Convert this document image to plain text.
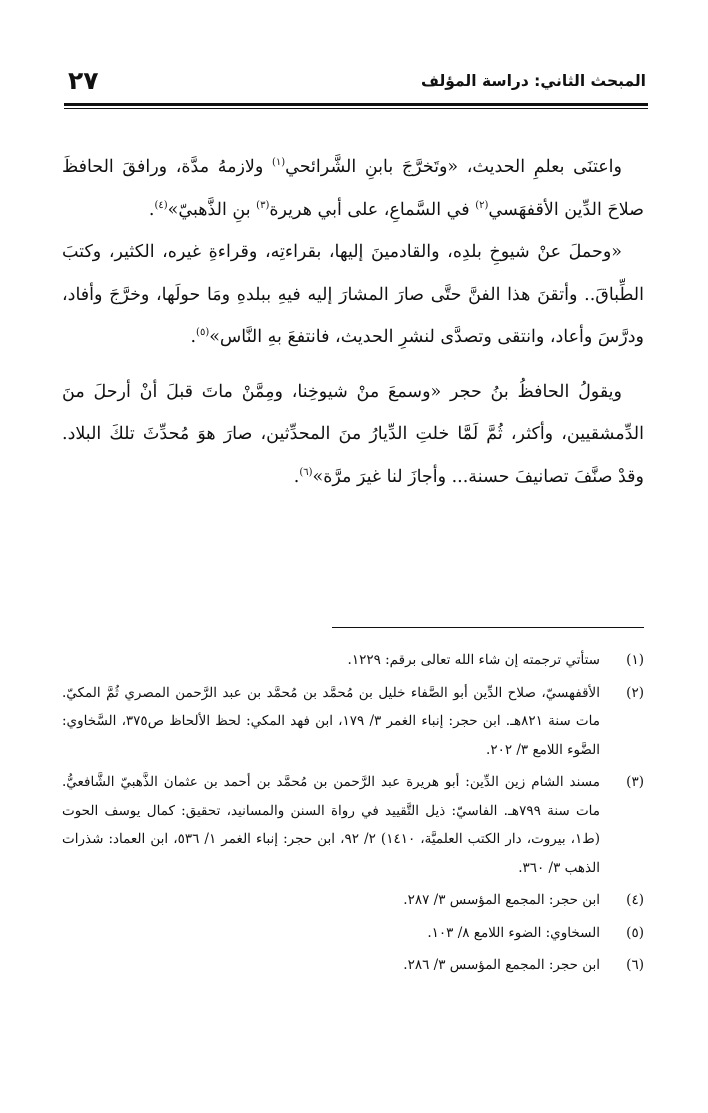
المبحث الثاني: دراسة المؤلف
٢٧

واعتنَى بعلمِ الحديث، «وتَخرَّجَ بابنِ الشَّرائحي$^{(١)}$ ولازمهُ مدَّة، ورافقَ الحافظَ صلاحَ الدِّين الأقفهَسي$^{(٢)}$ في السَّماعِ، على أبي هريرة$^{(٣)}$ بنِ الذَّهبيّ»$^{(٤)}$.

«وحملَ عنْ شيوخِ بلدِه، والقادمينَ إليها، بقراءتِه، وقراءةِ غيره، الكثير، وكتبَ الطِّباقَ.. وأتقنَ هذا الفنَّ حتَّى صارَ المشارَ إليه فيهِ ببلدهِ ومَا حولَها، وخرَّجَ وأفاد، ودرَّسَ وأعاد، وانتقى وتصدَّى لنشرِ الحديث، فانتفعَ بهِ النَّاس»$^{(٥)}$.

ويقولُ الحافظُ بنُ حجر «وسمعَ منْ شيوخِنا، ومِمَّنْ ماتَ قبلَ أنْ أرحلَ منَ الدِّمشقيين، وأكثر، ثُمَّ لَمَّا خلتِ الدِّيارُ منَ المحدِّثين، صارَ هوَ مُحدِّثَ تلكَ البلاد. وقدْ صنَّفَ تصانيفَ حسنة... وأجازَ لنا غيرَ مرَّة»$^{(٦)}$.

(١)
ستأتي ترجمته إن شاء الله تعالى برقم: ١٢٢٩.
(٢)
الأقفهسيّ، صلاح الدِّين أبو الصَّفاء خليل بن مُحمَّد بن مُحمَّد بن عبد الرَّحمن المصري ثُمَّ المكيّ. مات سنة ٨٢١هـ. ابن حجر: إنباء الغمر ٣/ ١٧٩، ابن فهد المكي: لحظ الألحاظ ص٣٧٥، السَّخاوي: الضَّوء اللامع ٣/ ٢٠٢.
(٣)
مسند الشام زين الدِّين: أبو هريرة عبد الرَّحمن بن مُحمَّد بن أحمد بن عثمان الذَّهبيّ الشَّافعيُّ. مات سنة ٧٩٩هـ. الفاسيّ: ذيل التَّقييد في رواة السنن والمسانيد، تحقيق: كمال يوسف الحوت (ط١، بيروت، دار الكتب العلميَّة، ١٤١٠) ٢/ ٩٢، ابن حجر: إنباء الغمر ١/ ٥٣٦، ابن العماد: شذرات الذهب ٣/ ٣٦٠.
(٤)
ابن حجر: المجمع المؤسس ٣/ ٢٨٧.
(٥)
السخاوي: الضوء اللامع ٨/ ١٠٣.
(٦)
ابن حجر: المجمع المؤسس ٣/ ٢٨٦.
